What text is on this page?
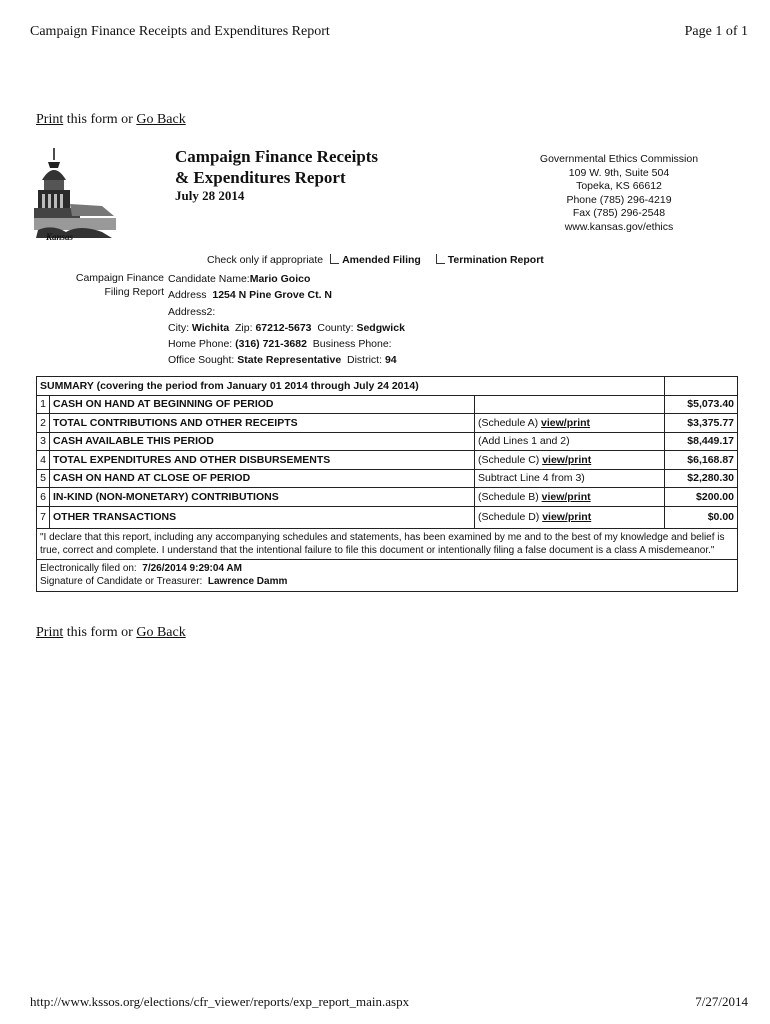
Campaign Finance Receipts and Expenditures Report	Page 1 of 1
Print this form or Go Back
Kansas
Campaign Finance Receipts
& Expenditures Report
July 28 2014
Governmental Ethics Commission
109 W. 9th, Suite 504
Topeka, KS 66612
Phone (785) 296-4219
Fax (785) 296-2548
www.kansas.gov/ethics
Check only if appropriate Amended Filing	Termination Report
Campaign Finance
Filing Report
Candidate Name:Mario Goico
Address 1254 N Pine Grove Ct. N
Address2:
City: Wichita Zip: 67212-5673 County: Sedgwick
Home Phone: (316) 721-3682 Business Phone:
Office Sought: State Representative District: 94
SUMMARY (covering the period from January 01 2014 through July 24 2014)			
1	CASH ON HAND AT BEGINNING OF PERIOD		$5,073.40
2	TOTAL CONTRIBUTIONS AND OTHER RECEIPTS	(Schedule A) view/print	$3,375.77
3	CASH AVAILABLE THIS PERIOD	(Add Lines 1 and 2)	$8,449.17
4	TOTAL EXPENDITURES AND OTHER DISBURSEMENTS	(Schedule C) view/print	$6,168.87
5	CASH ON HAND AT CLOSE OF PERIOD	Subtract Line 4 from 3)	$2,280.30
6	IN-KIND (NON-MONETARY) CONTRIBUTIONS	(Schedule B) view/print	$200.00
7	OTHER TRANSACTIONS	(Schedule D) view/print	$0.00
"I declare that this report, including any accompanying schedules and statements, has been examined by me and to the best of my knowledge and belief is true, correct and complete. I understand that the intentional failure to file this document or intentionally filing a false document is a class A misdemeanor."
Electronically filed on: 7/26/2014 9:29:04 AM
Signature of Candidate or Treasurer: Lawrence Damm
Print this form or Go Back
http://www.kssos.org/elections/cfr_viewer/reports/exp_report_main.aspx	7/27/2014
